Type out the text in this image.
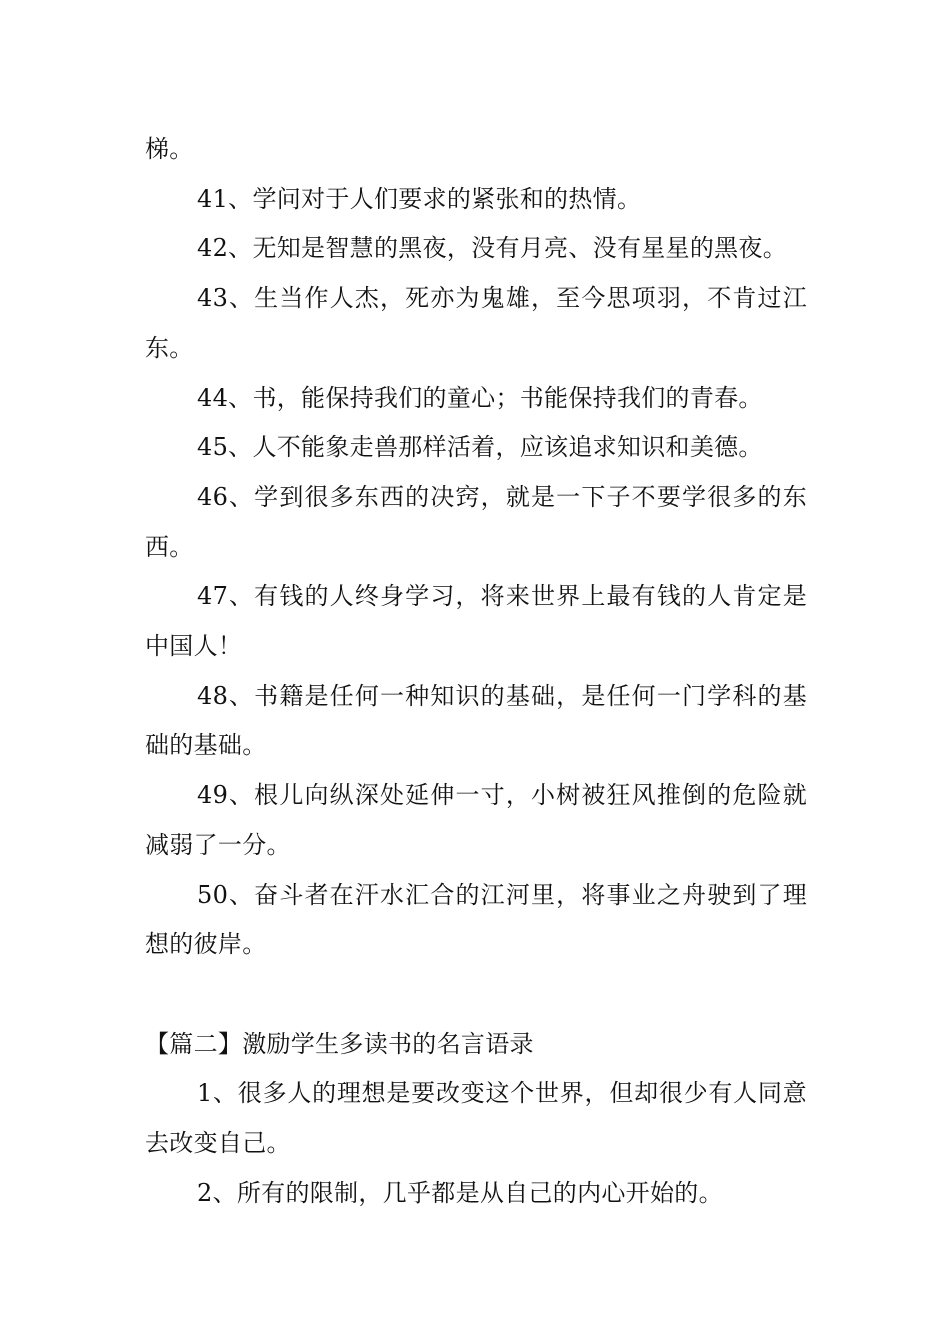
梯。

41、学问对于人们要求的紧张和的热情。

42、无知是智慧的黑夜，没有月亮、没有星星的黑夜。

43、生当作人杰，死亦为鬼雄，至今思项羽，不肯过江东。

44、书，能保持我们的童心；书能保持我们的青春。

45、人不能象走兽那样活着，应该追求知识和美德。

46、学到很多东西的决窍，就是一下子不要学很多的东西。

47、有钱的人终身学习，将来世界上最有钱的人肯定是中国人！

48、书籍是任何一种知识的基础，是任何一门学科的基础的基础。

49、根儿向纵深处延伸一寸，小树被狂风推倒的危险就减弱了一分。

50、奋斗者在汗水汇合的江河里，将事业之舟驶到了理想的彼岸。

【篇二】激励学生多读书的名言语录

1、很多人的理想是要改变这个世界，但却很少有人同意去改变自己。

2、所有的限制，几乎都是从自己的内心开始的。
